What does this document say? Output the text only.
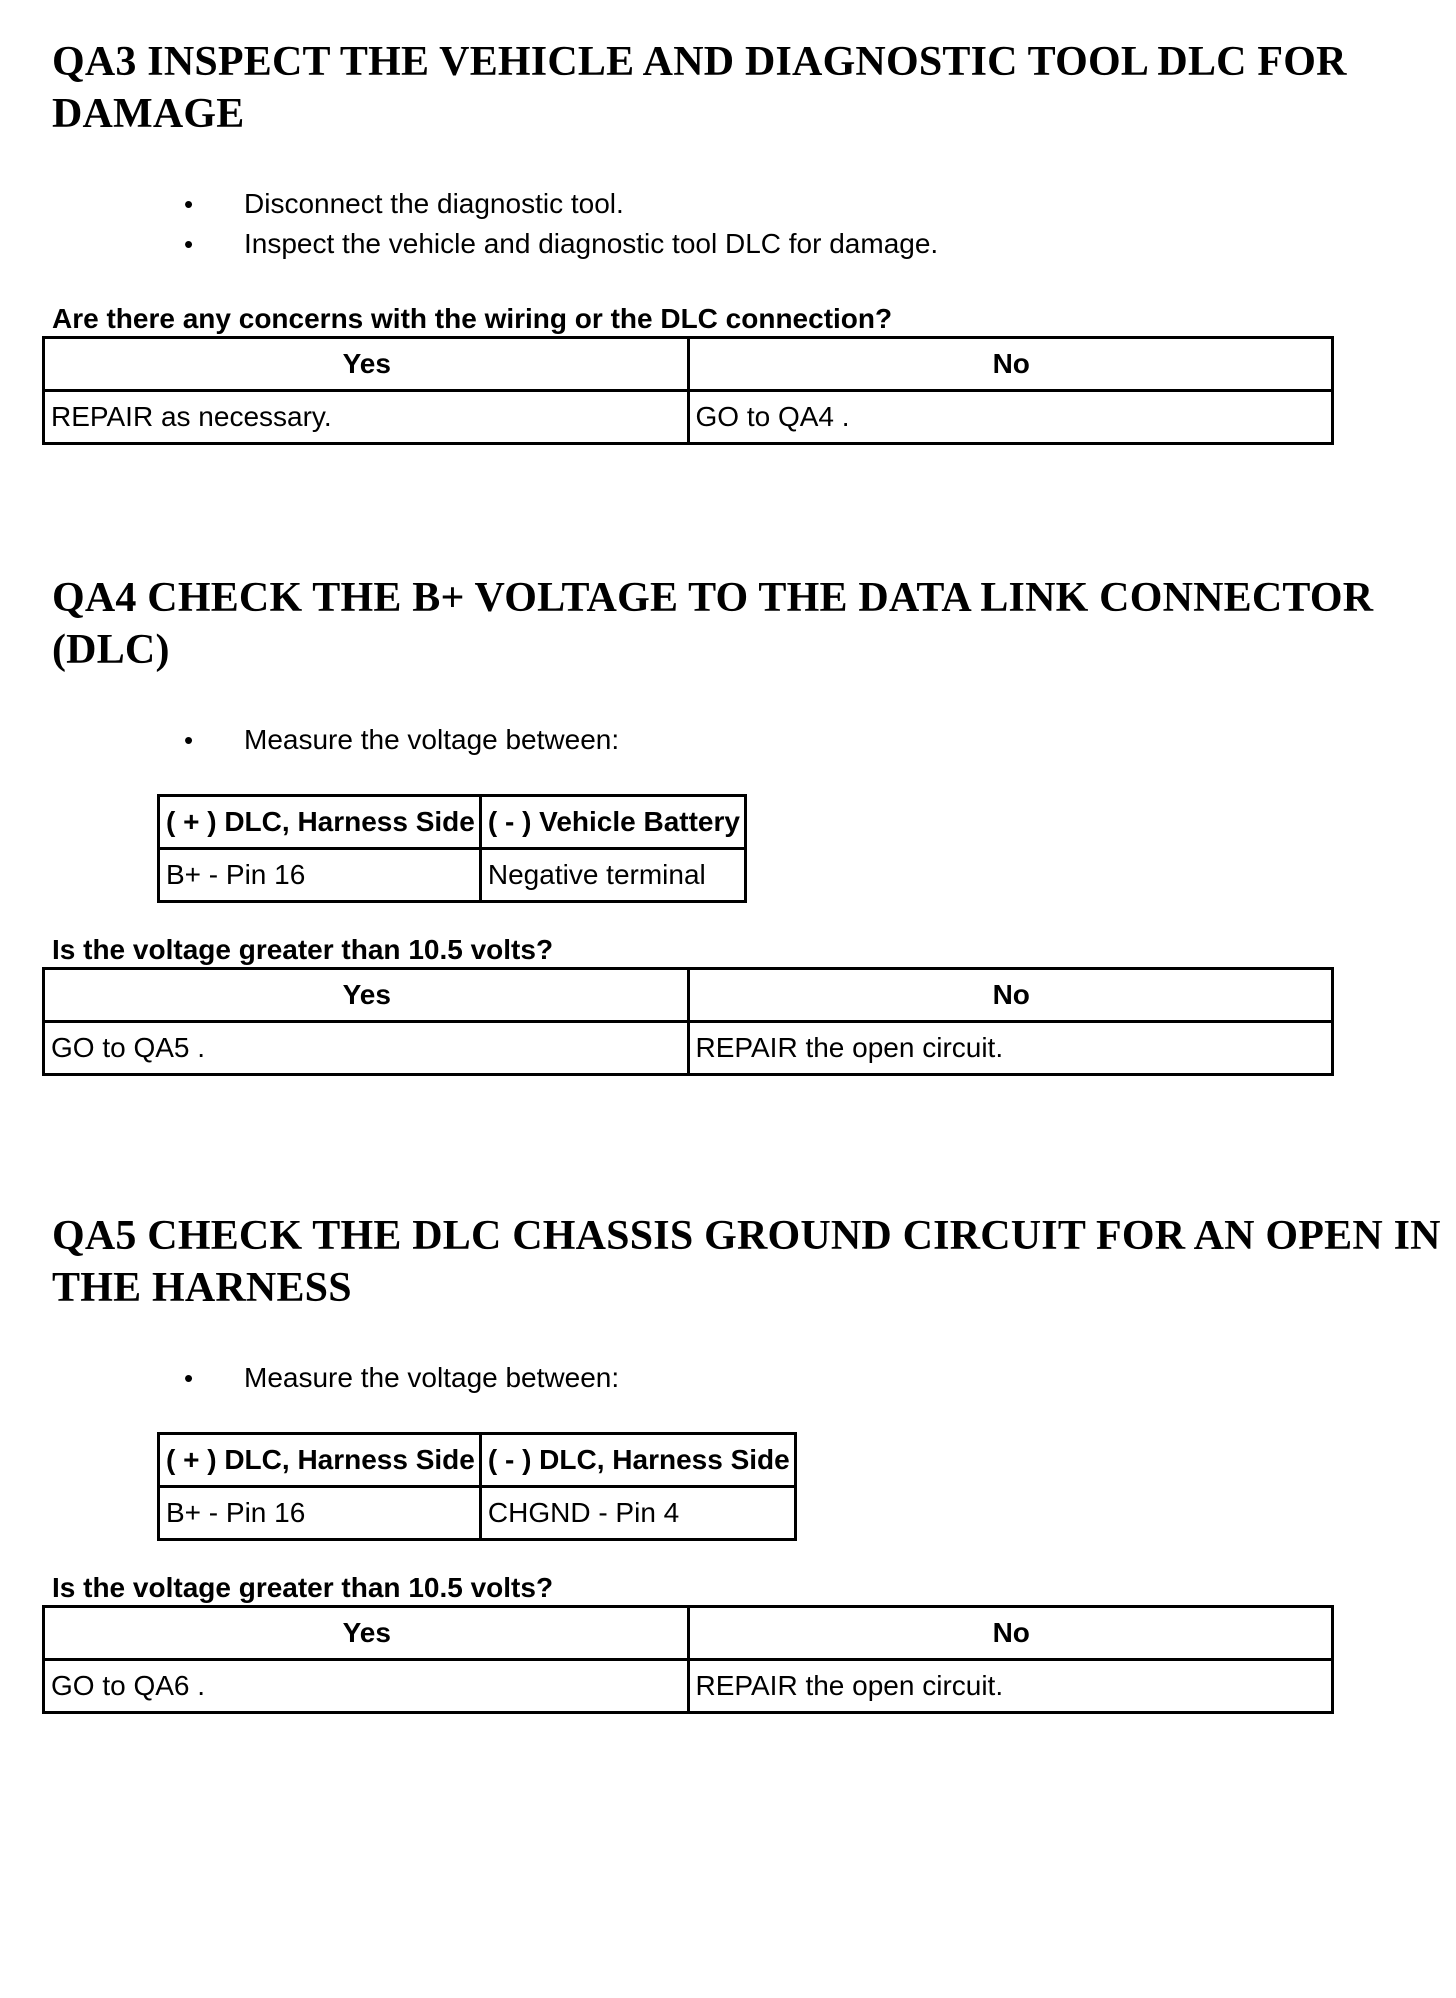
QA3 INSPECT THE VEHICLE AND DIAGNOSTIC TOOL DLC FOR DAMAGE
• Disconnect the diagnostic tool.
• Inspect the vehicle and diagnostic tool DLC for damage.

Are there any concerns with the wiring or the DLC connection?

Yes	No
REPAIR as necessary.	GO to QA4 .
QA4 CHECK THE B+ VOLTAGE TO THE DATA LINK CONNECTOR (DLC)
• Measure the voltage between:
( + ) DLC, Harness Side	( - ) Vehicle Battery
B+ - Pin 16	Negative terminal

Is the voltage greater than 10.5 volts?

Yes	No
GO to QA5 .	REPAIR the open circuit.
QA5 CHECK THE DLC CHASSIS GROUND CIRCUIT FOR AN OPEN IN THE HARNESS
• Measure the voltage between:
( + ) DLC, Harness Side	( - ) DLC, Harness Side
B+ - Pin 16	CHGND - Pin 4

Is the voltage greater than 10.5 volts?

Yes	No
GO to QA6 .	REPAIR the open circuit.
